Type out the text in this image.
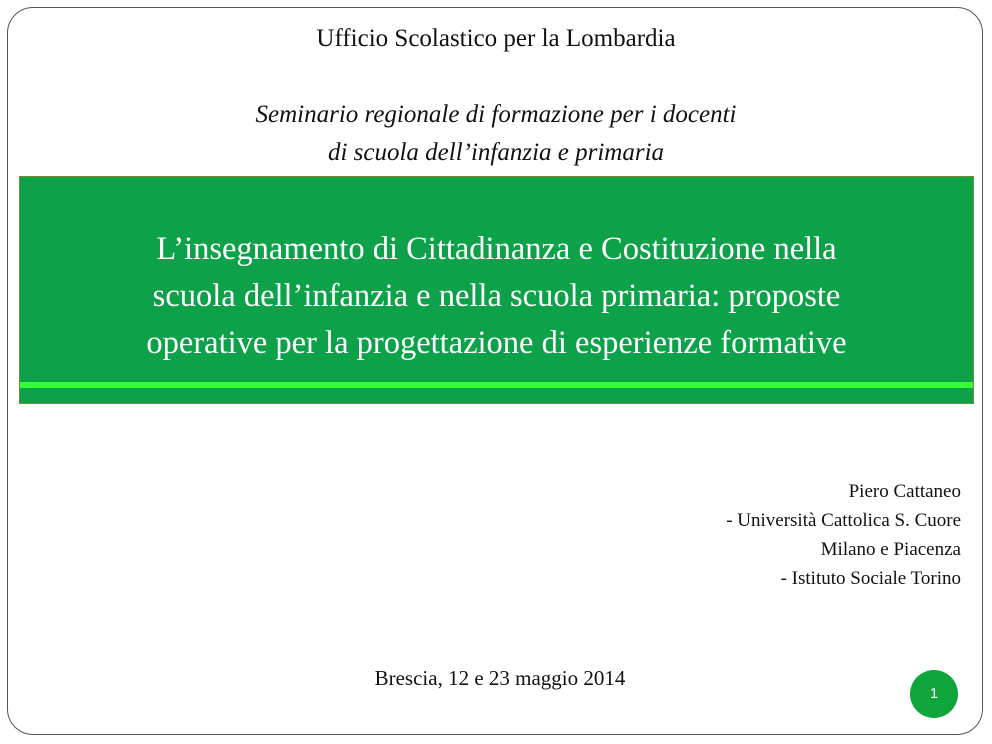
Ufficio Scolastico per la Lombardia
Seminario regionale di formazione per i docenti
di scuola dell’infanzia e primaria
L’insegnamento di Cittadinanza e Costituzione nella
scuola dell’infanzia e nella scuola primaria: proposte
operative per la progettazione di esperienze formative
Piero Cattaneo
- Università Cattolica S. Cuore
Milano e Piacenza
- Istituto Sociale Torino
Brescia, 12 e 23 maggio 2014
1
